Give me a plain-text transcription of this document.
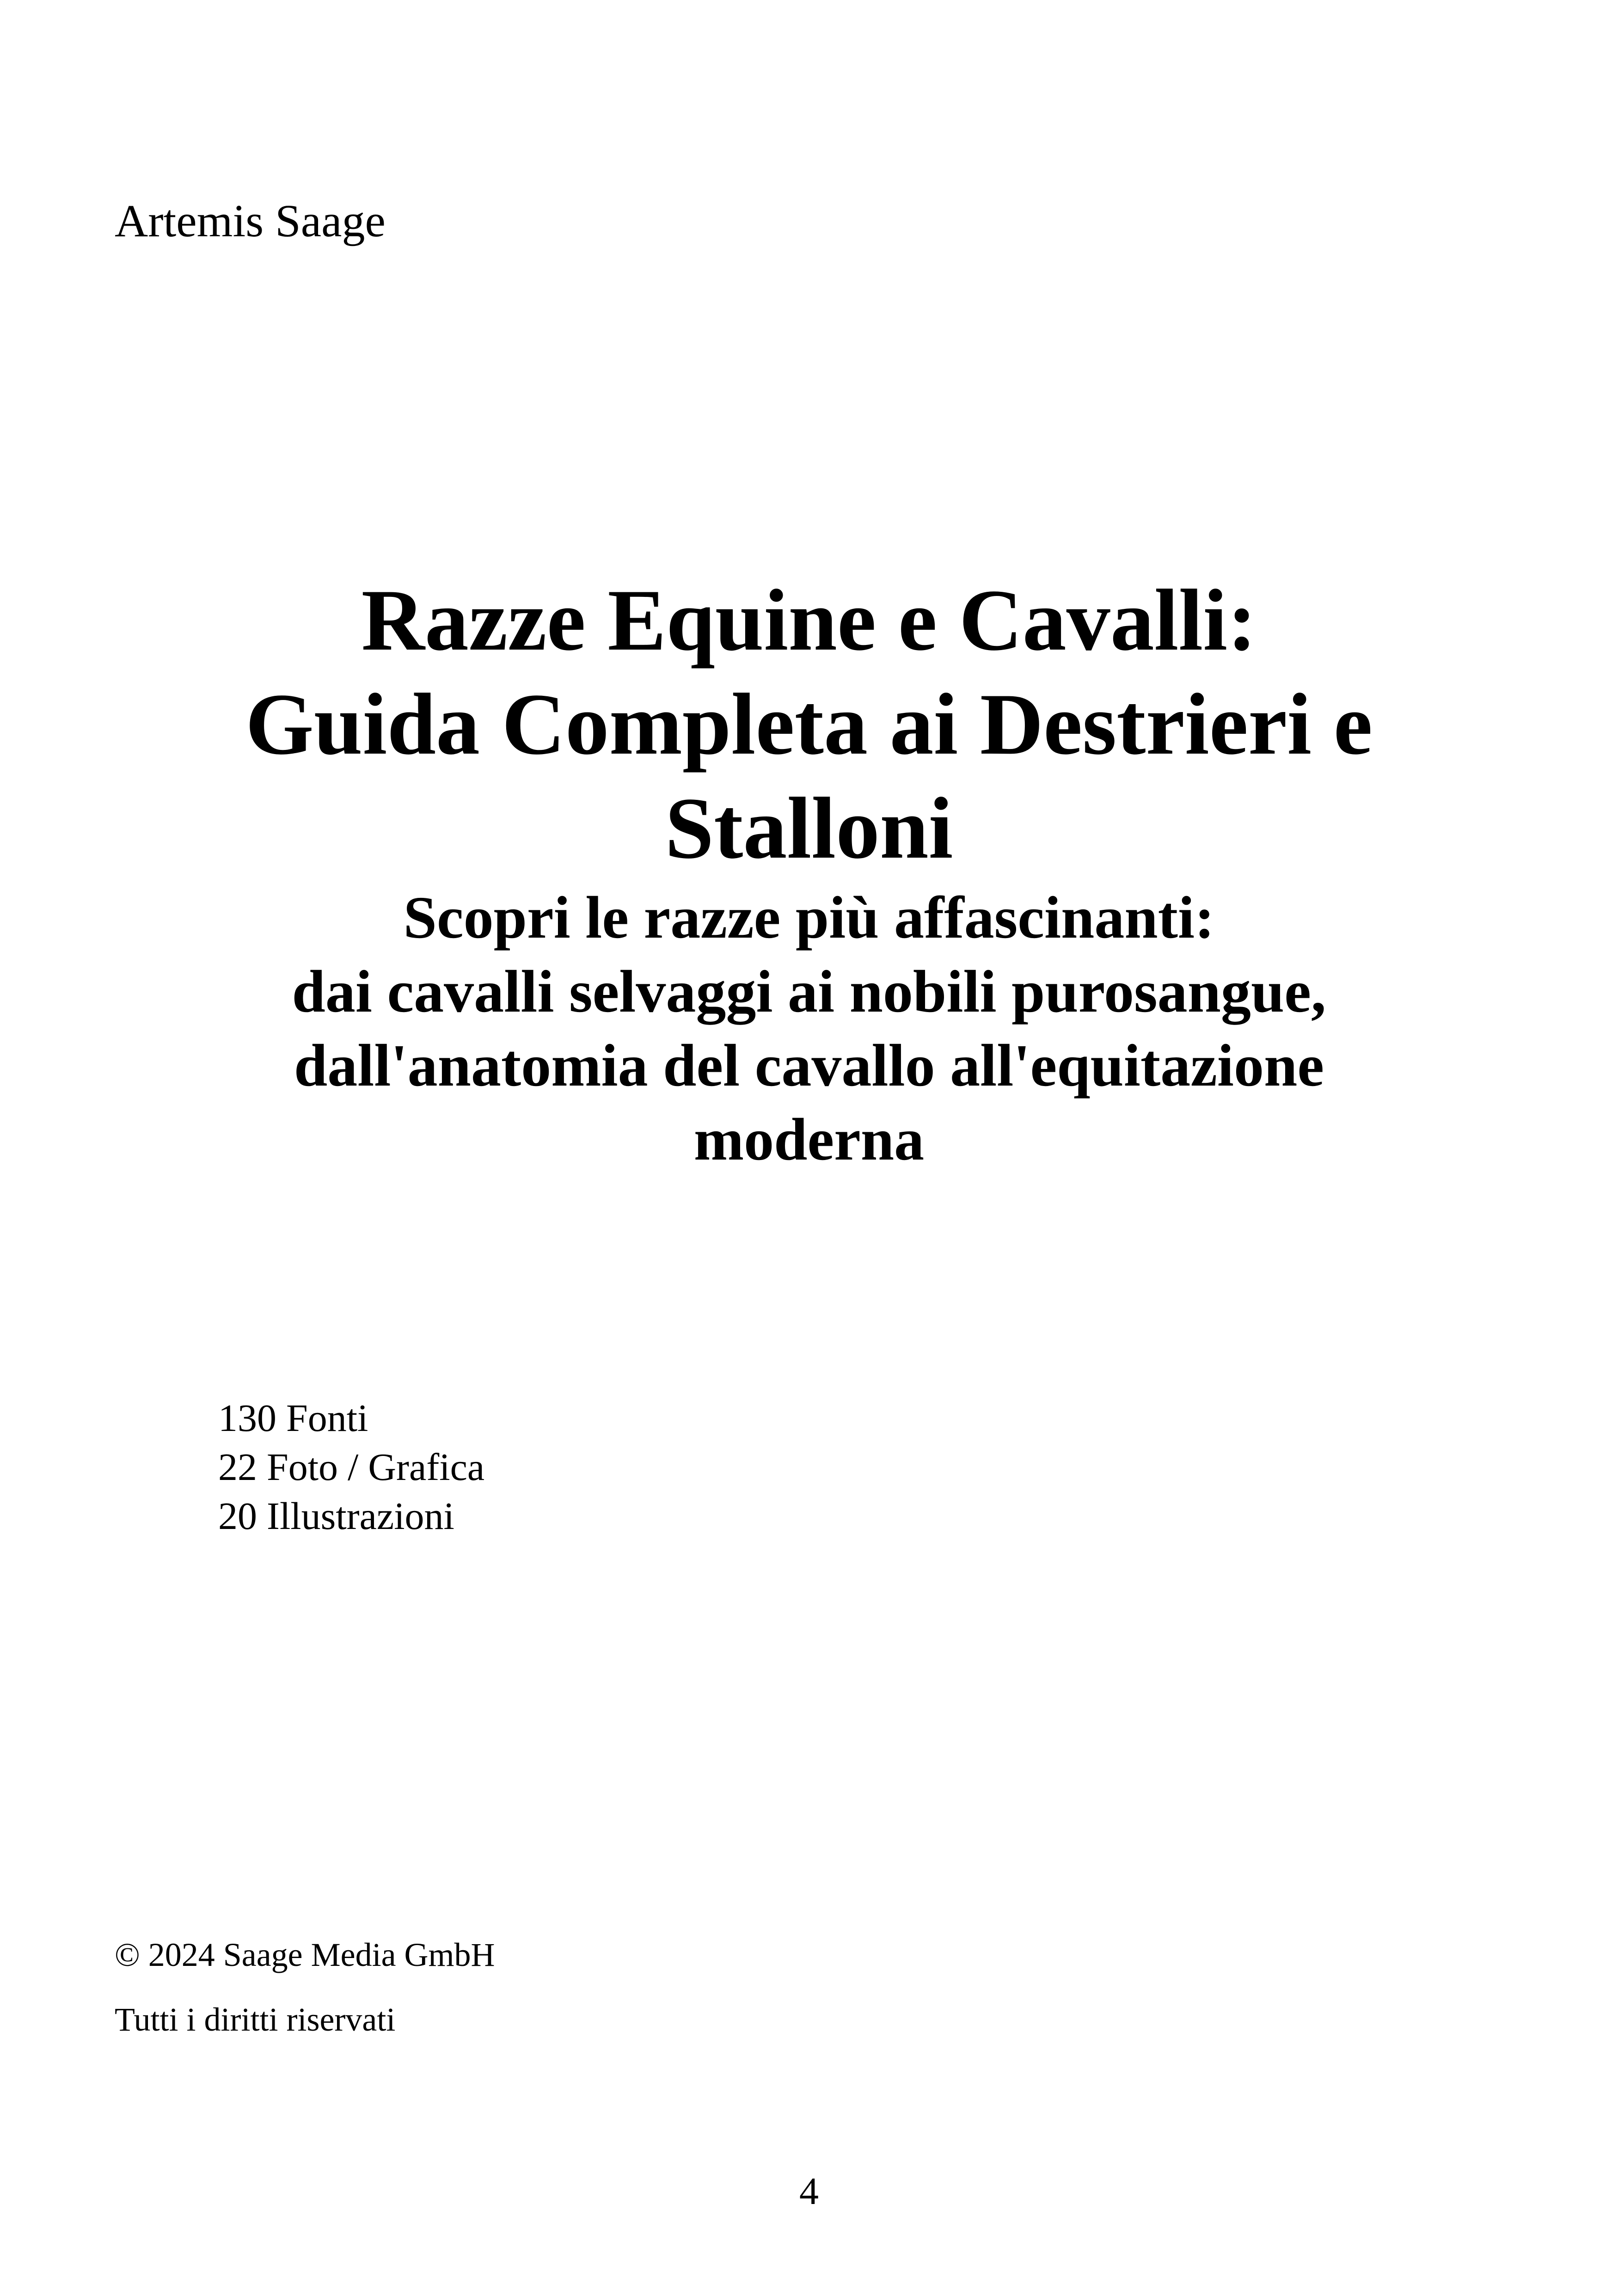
Artemis Saage
Razze Equine e Cavalli:
Guida Completa ai Destrieri e
Stalloni
Scopri le razze più affascinanti:
dai cavalli selvaggi ai nobili purosangue,
dall'anatomia del cavallo all'equitazione
moderna
130 Fonti
22 Foto / Grafica
20 Illustrazioni
© 2024 Saage Media GmbH
Tutti i diritti riservati
4
